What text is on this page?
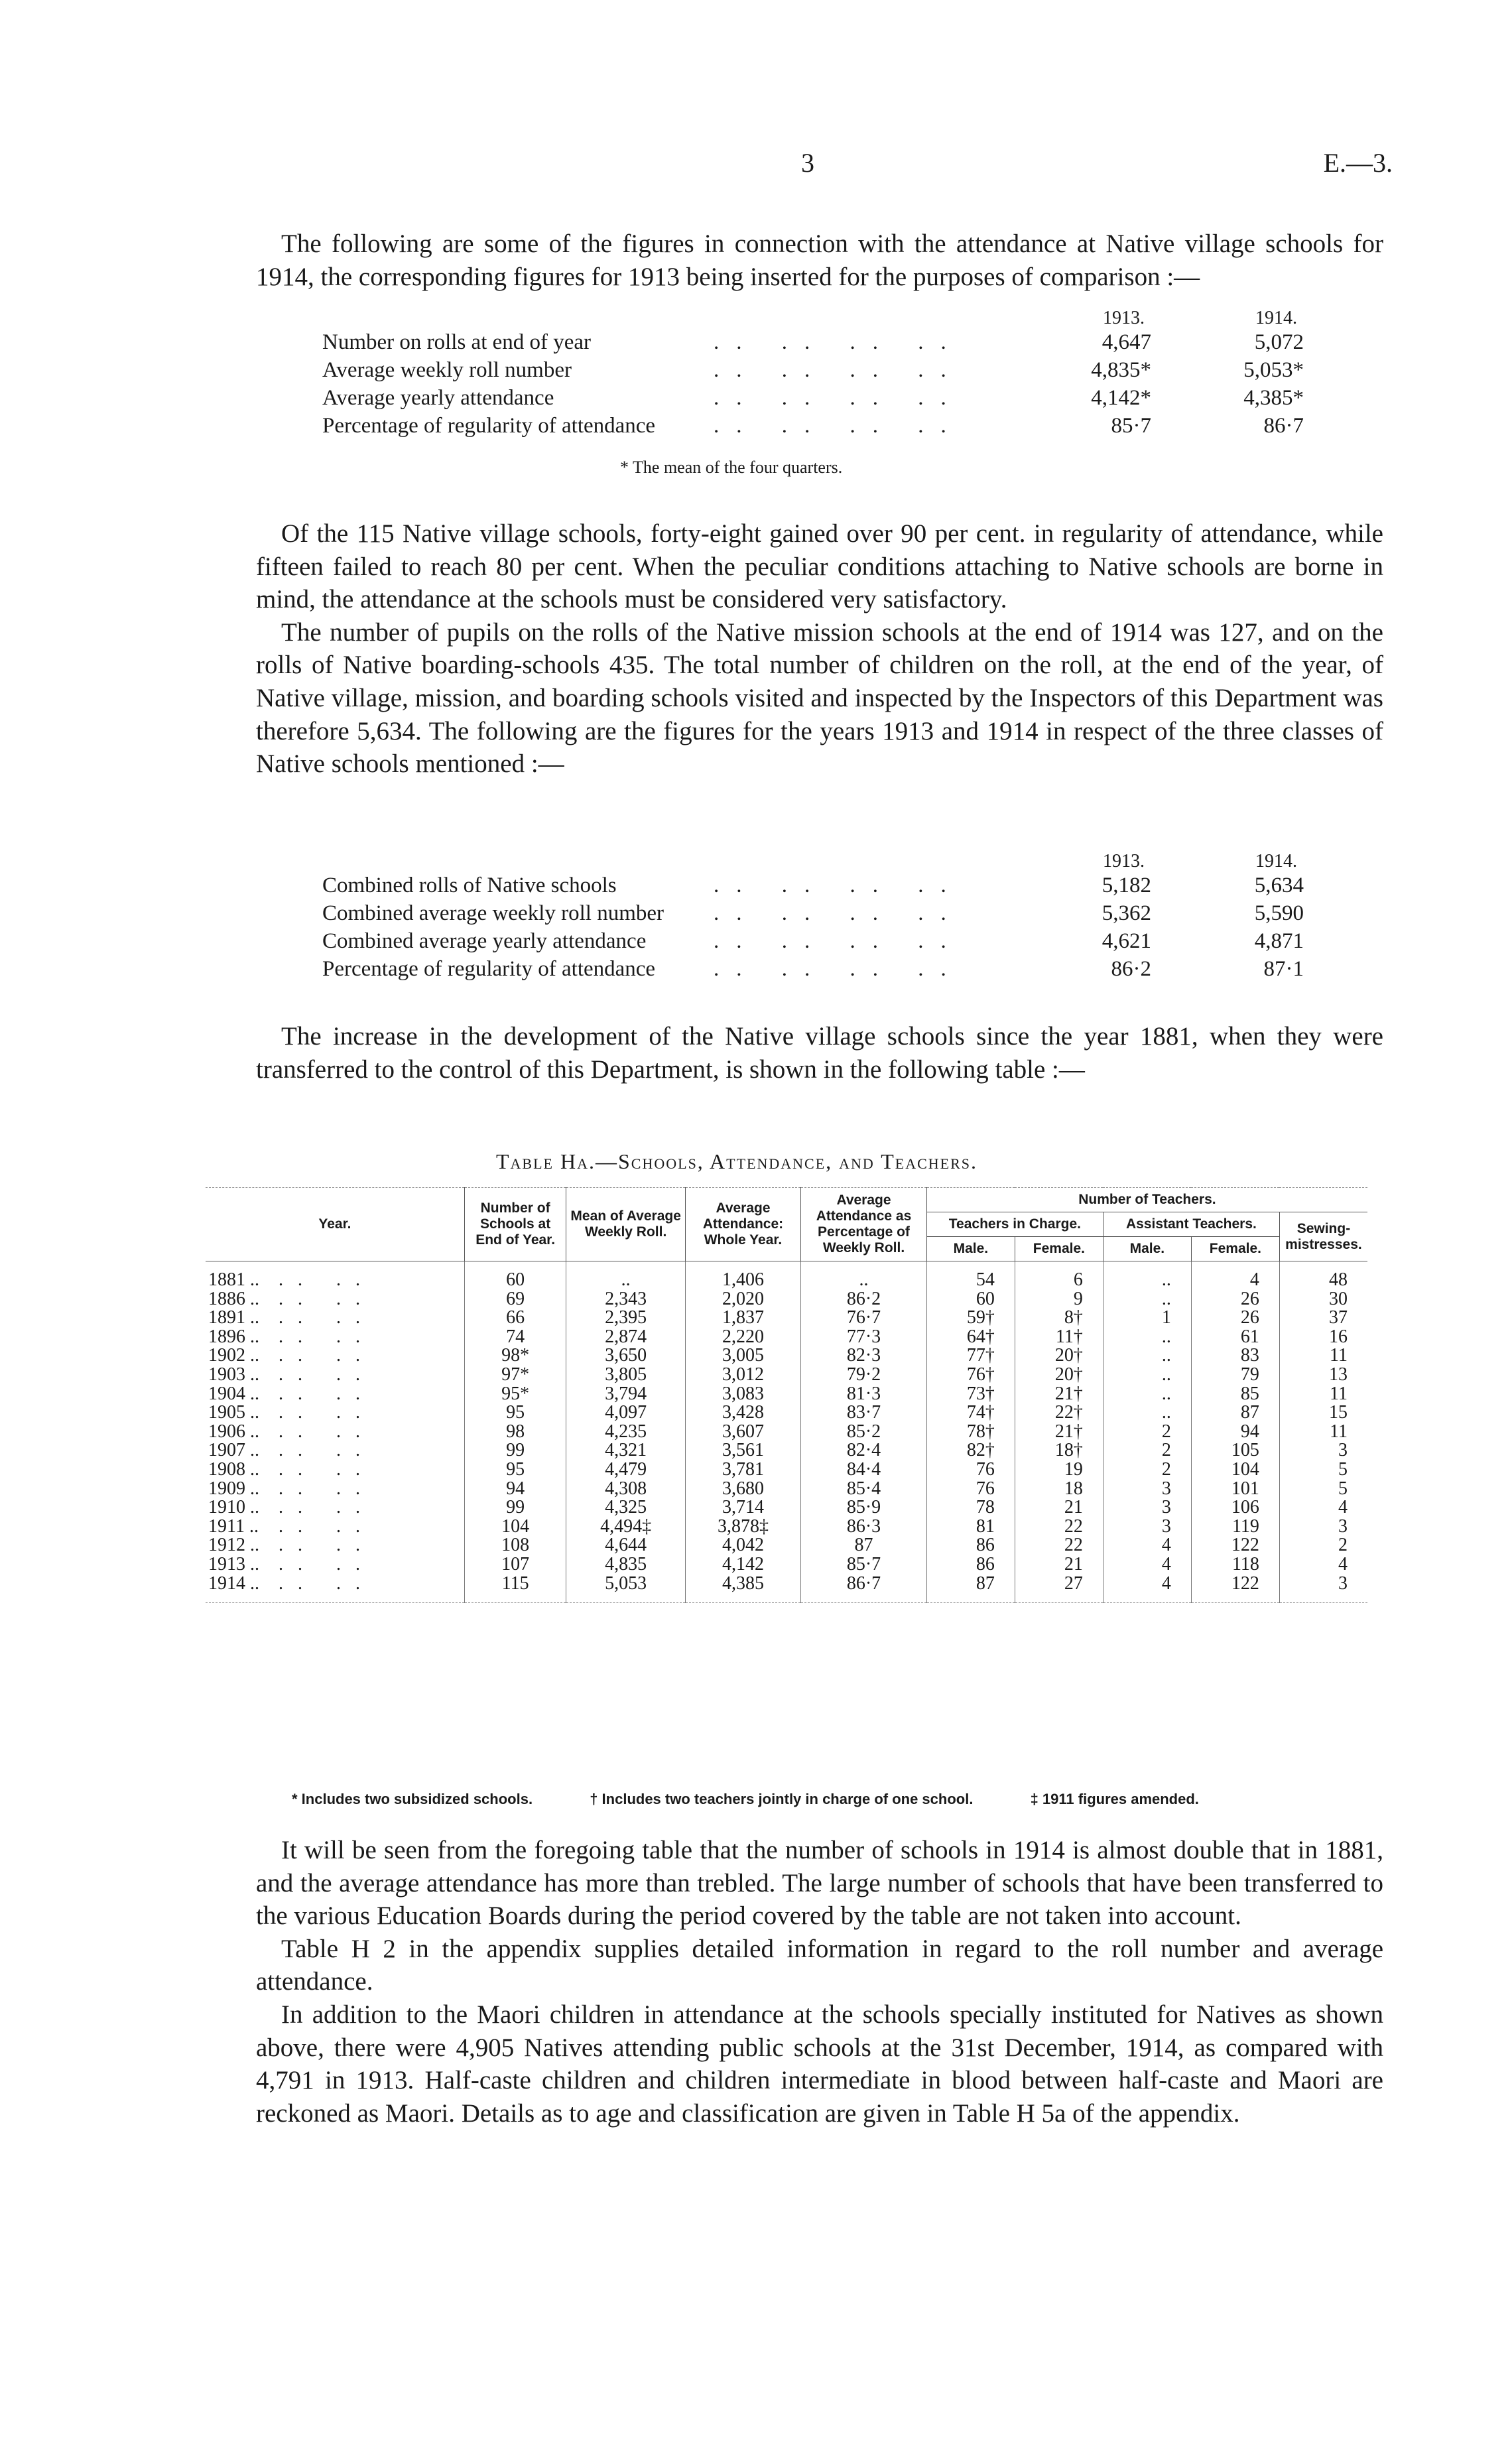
3	E.—3.

The following are some of the figures in connection with the attendance at Native village schools for 1914, the corresponding figures for 1913 being inserted for the purposes of comparison :—

1913.	1914.
Number on rolls at end of year	.. .. .. ..	4,647	5,072
Average weekly roll number	.. .. .. ..	4,835*	5,053*
Average yearly attendance	.. .. .. ..	4,142*	4,385*
Percentage of regularity of attendance	.. .. .. ..	85·7	86·7
* The mean of the four quarters.

Of the 115 Native village schools, forty-eight gained over 90 per cent. in regularity of attendance, while fifteen failed to reach 80 per cent. When the peculiar conditions attaching to Native schools are borne in mind, the attendance at the schools must be considered very satisfactory.

The number of pupils on the rolls of the Native mission schools at the end of 1914 was 127, and on the rolls of Native boarding-schools 435. The total number of children on the roll, at the end of the year, of Native village, mission, and boarding schools visited and inspected by the Inspectors of this Department was therefore 5,634. The following are the figures for the years 1913 and 1914 in respect of the three classes of Native schools mentioned :—

1913.	1914.
Combined rolls of Native schools	.. .. .. ..	5,182	5,634
Combined average weekly roll number .. .. .. ..	5,362	5,590
Combined average yearly attendance	.. .. .. ..	4,621	4,871
Percentage of regularity of attendance	.. .. .. ..	86·2	87·1

The increase in the development of the Native village schools since the year 1881, when they were transferred to the control of this Department, is shown in the following table :—

Table Ha.—Schools, Attendance, and Teachers.
Year.	Number of Schools at End of Year.	Mean of Average Weekly Roll.	Average Attendance: Whole Year.	Average Attendance as Percentage of Weekly Roll.	Number of Teachers.				
					Teachers in Charge.		Assistant Teachers.		Sewing-mistresses.
					Male.	Female.	Male.	Female.	
1881 .. .. ..	60	..	1,406	..	54	6	..	4	48
1886 .. .. ..	69	2,343	2,020	86·2	60	9	..	26	30
1891 .. .. ..	66	2,395	1,837	76·7	59†	8†	1	26	37
1896 .. .. ..	74	2,874	2,220	77·3	64†	11†	..	61	16
1902 .. .. ..	98*	3,650	3,005	82·3	77†	20†	..	83	11
1903 .. .. ..	97*	3,805	3,012	79·2	76†	20†	..	79	13
1904 .. .. ..	95*	3,794	3,083	81·3	73†	21†	..	85	11
1905 .. .. ..	95	4,097	3,428	83·7	74†	22†	..	87	15
1906 .. .. ..	98	4,235	3,607	85·2	78†	21†	2	94	11
1907 .. .. ..	99	4,321	3,561	82·4	82†	18†	2	105	3
1908 .. .. ..	95	4,479	3,781	84·4	76	19	2	104	5
1909 .. .. ..	94	4,308	3,680	85·4	76	18	3	101	5
1910 .. .. ..	99	4,325	3,714	85·9	78	21	3	106	4
1911 .. .. ..	104	4,494‡	3,878‡	86·3	81	22	3	119	3
1912 .. .. ..	108	4,644	4,042	87	86	22	4	122	2
1913 .. .. ..	107	4,835	4,142	85·7	86	21	4	118	4
1914 .. .. ..	115	5,053	4,385	86·7	87	27	4	122	3
* Includes two subsidized schools.	† Includes two teachers jointly in charge of one school.	‡ 1911 figures amended.

It will be seen from the foregoing table that the number of schools in 1914 is almost double that in 1881, and the average attendance has more than trebled. The large number of schools that have been transferred to the various Education Boards during the period covered by the table are not taken into account.

Table H 2 in the appendix supplies detailed information in regard to the roll number and average attendance.

In addition to the Maori children in attendance at the schools specially instituted for Natives as shown above, there were 4,905 Natives attending public schools at the 31st December, 1914, as compared with 4,791 in 1913. Half-caste children and children intermediate in blood between half-caste and Maori are reckoned as Maori. Details as to age and classification are given in Table H 5a of the appendix.
